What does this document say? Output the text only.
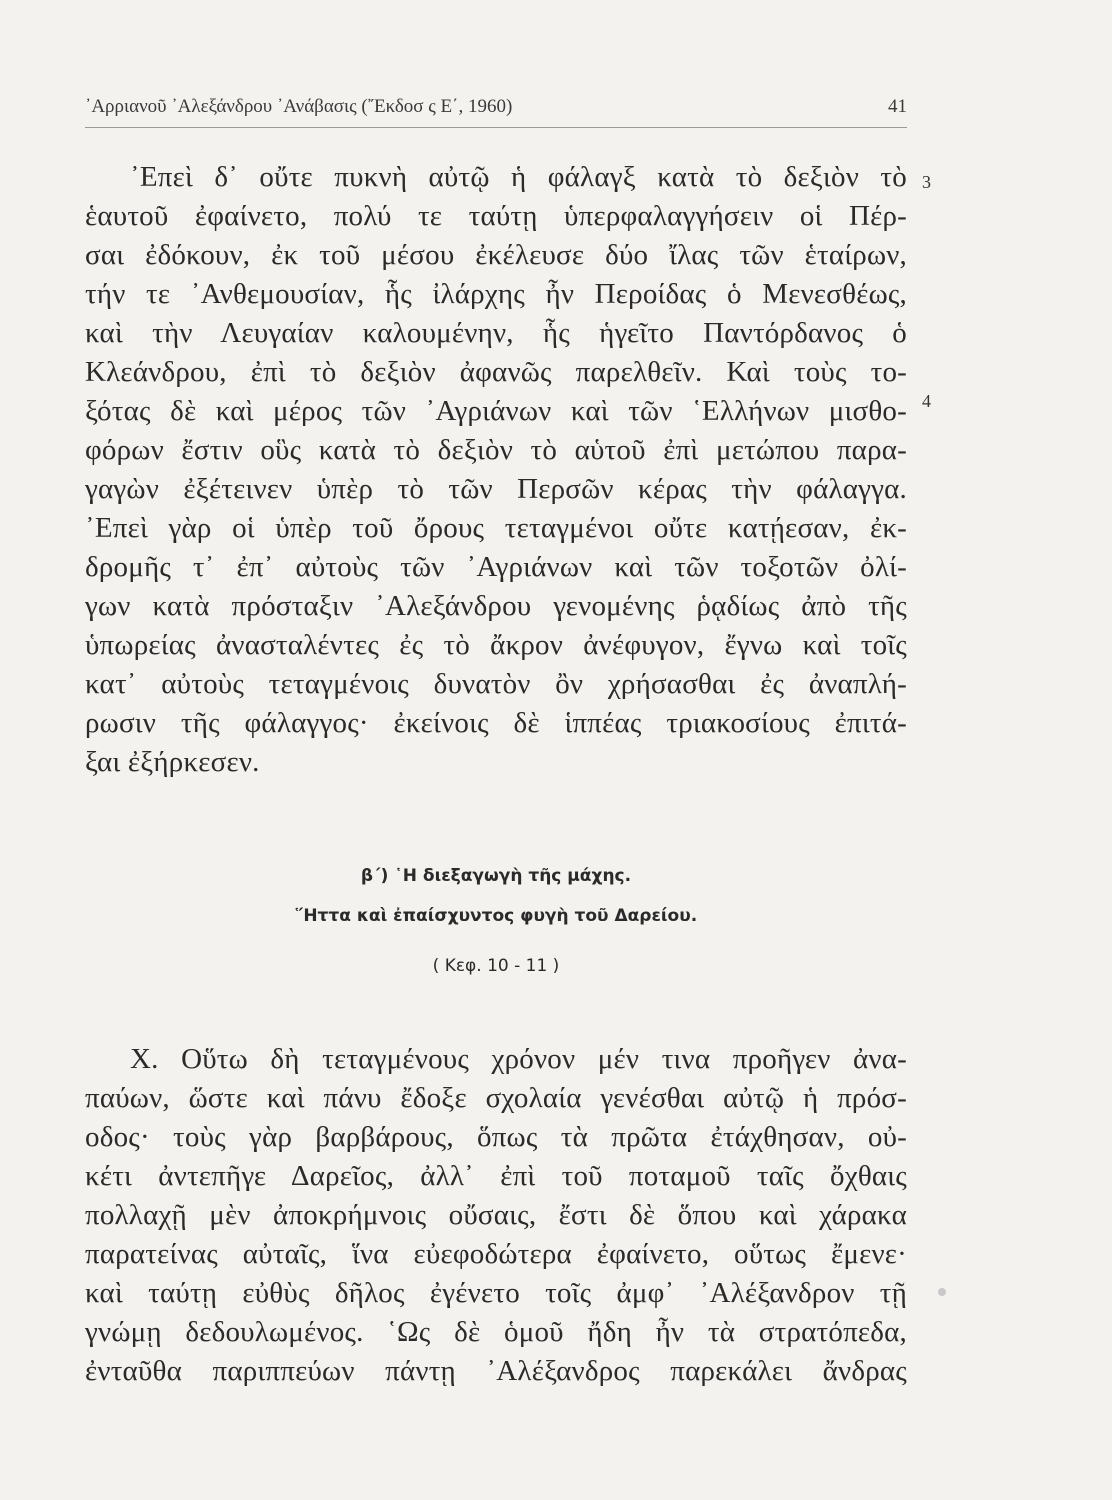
᾿Αρριανοῦ ᾿Αλεξάνδρου ᾿Ανάβασις (῎Εκδοσ ς Ε΄, 1960)	41
3
4
᾿Επεὶ δ᾿ οὔτε πυκνὴ αὐτῷ ἡ φάλαγξ κατὰ τὸ δεξιὸν τὸ
ἑαυτοῦ ἐφαίνετο, πολύ τε ταύτῃ ὑπερφαλαγγήσειν οἱ Πέρ-
σαι ἐδόκουν, ἐκ τοῦ μέσου ἐκέλευσε δύο ἴλας τῶν ἑταίρων,
τήν τε ᾿Ανθεμουσίαν, ἧς ἰλάρχης ἦν Περοίδας ὁ Μενεσθέως,
καὶ τὴν Λευγαίαν καλουμένην, ἧς ἡγεῖτο Παντόρδανος ὁ
Κλεάνδρου, ἐπὶ τὸ δεξιὸν ἀφανῶς παρελθεῖν. Καὶ τοὺς το-
ξότας δὲ καὶ μέρος τῶν ᾿Αγριάνων καὶ τῶν ῾Ελλήνων μισθο-
φόρων ἔστιν οὓς κατὰ τὸ δεξιὸν τὸ αὑτοῦ ἐπὶ μετώπου παρα-
γαγὼν ἐξέτεινεν ὑπὲρ τὸ τῶν Περσῶν κέρας τὴν φάλαγγα.
᾿Επεὶ γὰρ οἱ ὑπὲρ τοῦ ὄρους τεταγμένοι οὔτε κατῄεσαν, ἐκ-
δρομῆς τ᾿ ἐπ᾿ αὐτοὺς τῶν ᾿Αγριάνων καὶ τῶν τοξοτῶν ὀλί-
γων κατὰ πρόσταξιν ᾿Αλεξάνδρου γενομένης ῥᾳδίως ἀπὸ τῆς
ὑπωρείας ἀνασταλέντες ἐς τὸ ἄκρον ἀνέφυγον, ἔγνω καὶ τοῖς
κατ᾿ αὐτοὺς τεταγμένοις δυνατὸν ὂν χρήσασθαι ἐς ἀναπλή-
ρωσιν τῆς φάλαγγος· ἐκείνοις δὲ ἱππέας τριακοσίους ἐπιτά-
ξαι ἐξήρκεσεν.
β΄) ῾Η διεξαγωγὴ τῆς μάχης.
῞Ηττα καὶ ἐπαίσχυντος φυγὴ τοῦ Δαρείου.
( Κεφ. 10 - 11 )
X. Οὕτω δὴ τεταγμένους χρόνον μέν τινα προῆγεν ἀνα-
παύων, ὥστε καὶ πάνυ ἔδοξε σχολαία γενέσθαι αὐτῷ ἡ πρόσ-
οδος· τοὺς γὰρ βαρβάρους, ὅπως τὰ πρῶτα ἐτάχθησαν, οὐ-
κέτι ἀντεπῆγε Δαρεῖος, ἀλλ᾿ ἐπὶ τοῦ ποταμοῦ ταῖς ὄχθαις
πολλαχῇ μὲν ἀποκρήμνοις οὔσαις, ἔστι δὲ ὅπου καὶ χάρακα
παρατείνας αὐταῖς, ἵνα εὐεφοδώτερα ἐφαίνετο, οὕτως ἔμενε·
καὶ ταύτῃ εὐθὺς δῆλος ἐγένετο τοῖς ἀμφ᾿ ᾿Αλέξανδρον τῇ
γνώμῃ δεδουλωμένος. ῾Ως δὲ ὁμοῦ ἤδη ἦν τὰ στρατόπεδα,
ἐνταῦθα παριππεύων πάντῃ ᾿Αλέξανδρος παρεκάλει ἄνδρας
